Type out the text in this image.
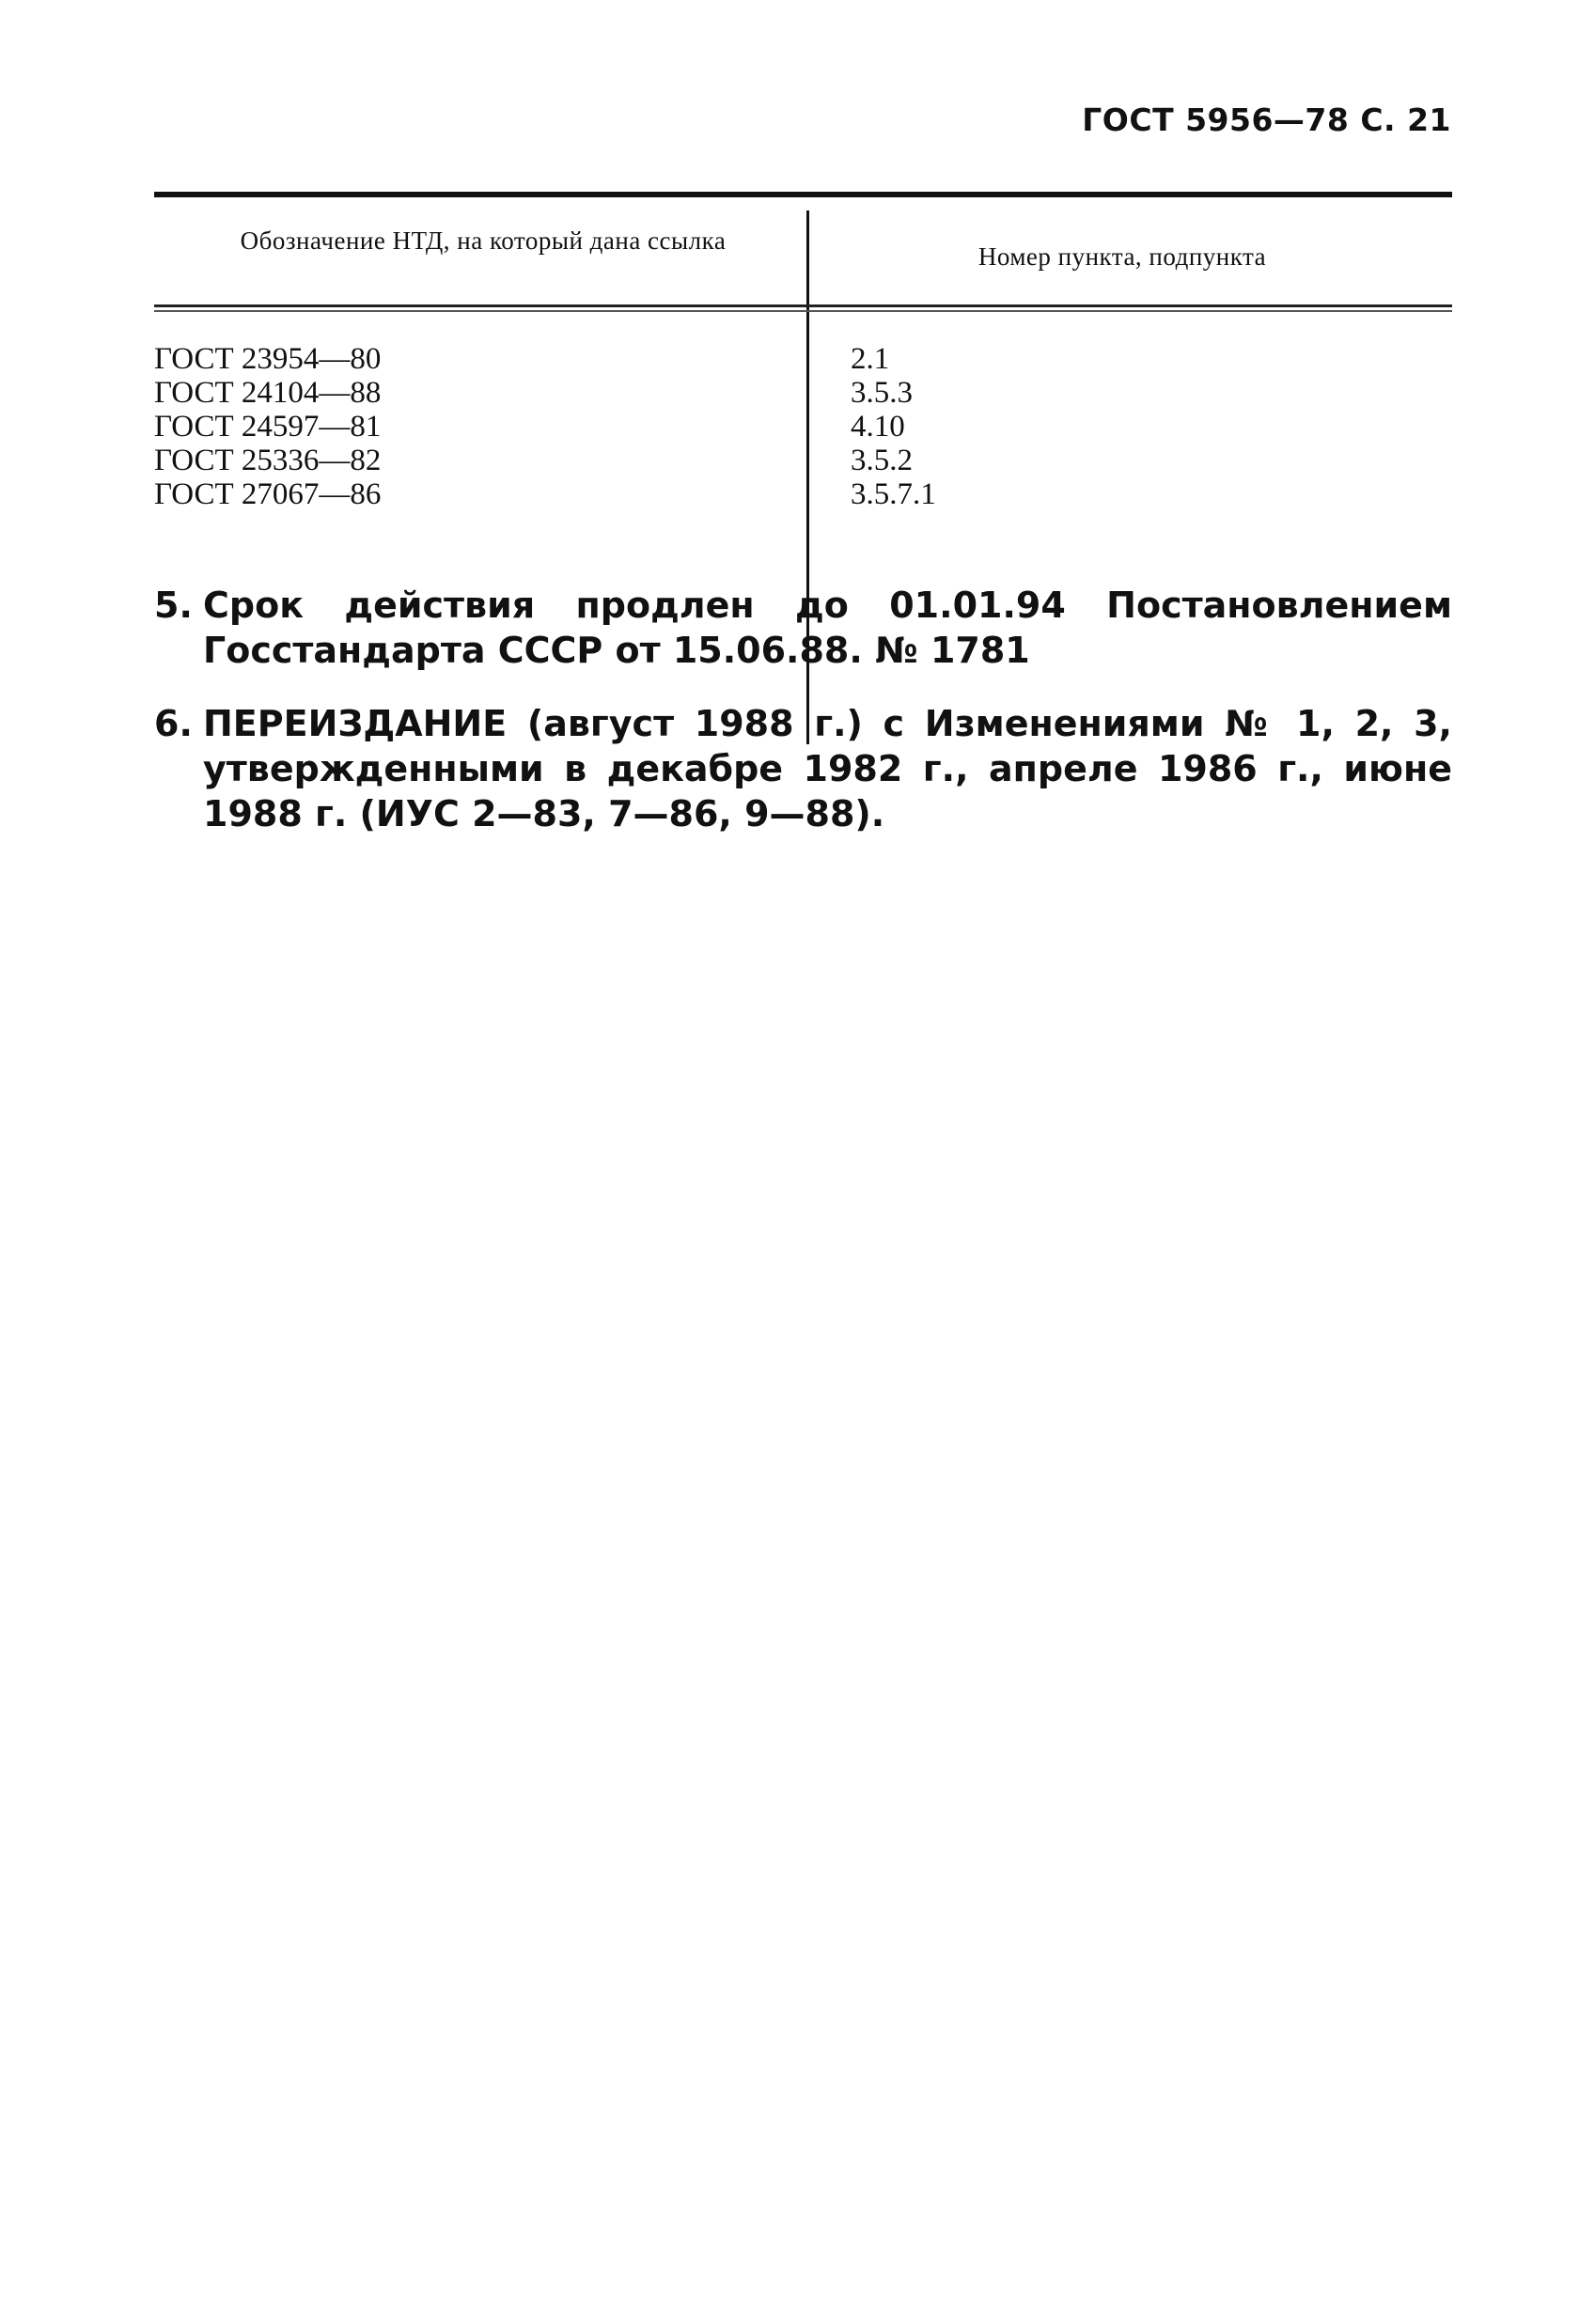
ГОСТ 5956—78 С. 21
Обозначение НТД, на который дана ссылка
Номер пункта, подпункта
ГОСТ 23954—80
ГОСТ 24104—88
ГОСТ 24597—81
ГОСТ 25336—82
ГОСТ 27067—86
2.1
3.5.3
4.10
3.5.2
3.5.7.1
5. Срок действия продлен до 01.01.94 Постановлением Госстандарта СССР от 15.06.88. № 1781
6. ПЕРЕИЗДАНИЕ (август 1988 г.) с Изменениями № 1, 2, 3, утвержденными в декабре 1982 г., апреле 1986 г., июне 1988 г. (ИУС 2—83, 7—86, 9—88).
